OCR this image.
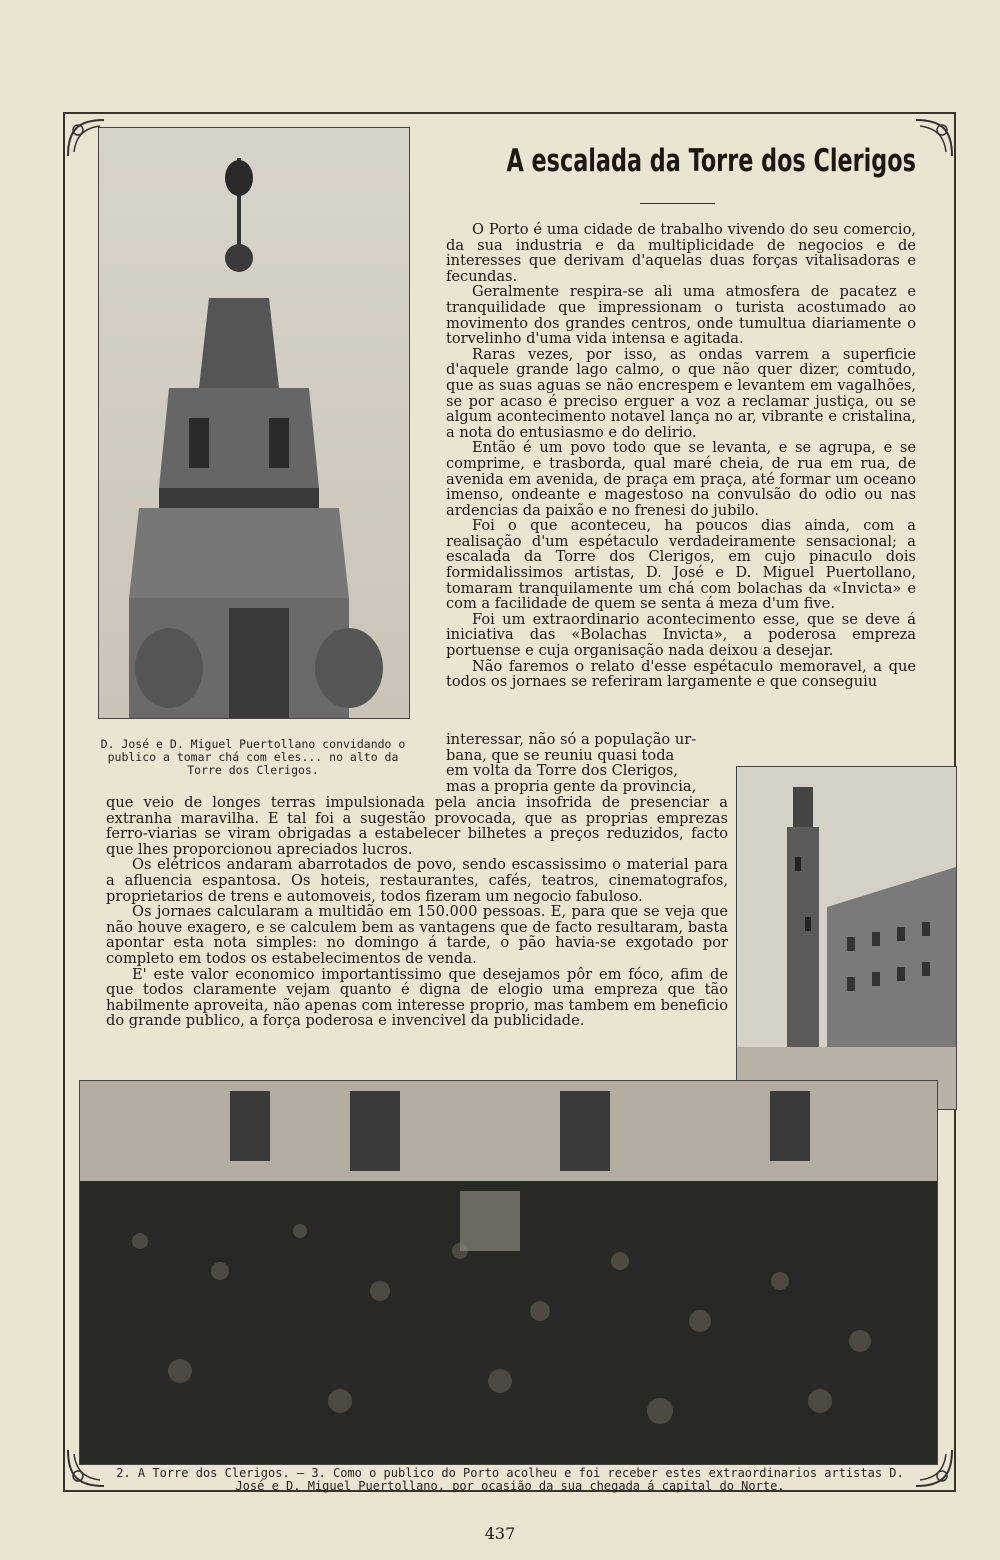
D. José e D. Miguel Puertollano convidando o publico a tomar chá com eles... no alto da Torre dos Clerigos.
A escalada da Torre dos Clerigos

O Porto é uma cidade de trabalho vivendo do seu comercio, da sua industria e da multiplicidade de negocios e de interesses que derivam d'aquelas duas forças vitalisadoras e fecundas.

Geralmente respira-se ali uma atmosfera de pacatez e tranquilidade que impressionam o turista acostumado ao movimento dos grandes centros, onde tumultua diariamente o torvelinho d'uma vida intensa e agitada.

Raras vezes, por isso, as ondas varrem a superficie d'aquele grande lago calmo, o que não quer dizer, comtudo, que as suas aguas se não encrespem e levantem em vagalhões, se por acaso é preciso erguer a voz a reclamar justiça, ou se algum acontecimento notavel lança no ar, vibrante e cristalina, a nota do entusiasmo e do delirio.

Então é um povo todo que se levanta, e se agrupa, e se comprime, e trasborda, qual maré cheia, de rua em rua, de avenida em avenida, de praça em praça, até formar um oceano imenso, ondeante e magestoso na convulsão do odio ou nas ardencias da paixão e no frenesi do jubilo.

Foi o que aconteceu, ha poucos dias ainda, com a realisação d'um espétaculo verdadeiramente sensacional; a escalada da Torre dos Clerigos, em cujo pinaculo dois formidalissimos artistas, D. José e D. Miguel Puertollano, tomaram tranquilamente um chá com bolachas da «Invicta» e com a facilidade de quem se senta á meza d'um five.

Foi um extraordinario acontecimento esse, que se deve á iniciativa das «Bolachas Invicta», a poderosa empreza portuense e cuja organisação nada deixou a desejar.

Não faremos o relato d'esse espétaculo memoravel, a que todos os jornaes se referiram largamente e que conseguiu

interessar, não só a população ur-
bana, que se reuniu quasi toda
em volta da Torre dos Clerigos,
mas a propria gente da provincia,

que veio de longes terras impulsionada pela ancia insofrida de presenciar a extranha maravilha. E tal foi a sugestão provocada, que as proprias emprezas ferro-viarias se viram obrigadas a estabelecer bilhetes a preços reduzidos, facto que lhes proporcionou apreciados lucros.

Os elétricos andaram abarrotados de povo, sendo escassissimo o material para a afluencia espantosa. Os hoteis, restaurantes, cafés, teatros, cinematografos, proprietarios de trens e automoveis, todos fizeram um negocio fabuloso.

Os jornaes calcularam a multidão em 150.000 pessoas. E, para que se veja que não houve exagero, e se calculem bem as vantagens que de facto resultaram, basta apontar esta nota simples: no domingo á tarde, o pão havia-se exgotado por completo em todos os estabelecimentos de venda.

E' este valor economico importantissimo que desejamos pôr em fóco, afim de que todos claramente vejam quanto é digna de elogio uma empreza que tão habilmente aproveita, não apenas com interesse proprio, mas tambem em beneficio do grande publico, a força poderosa e invencivel da publicidade.

2. A Torre dos Clerigos. — 3. Como o publico do Porto acolheu e foi receber estes extraordinarios artistas D. José e D. Miguel Puertollano, por ocasião da sua chegada á capital do Norte.
437
